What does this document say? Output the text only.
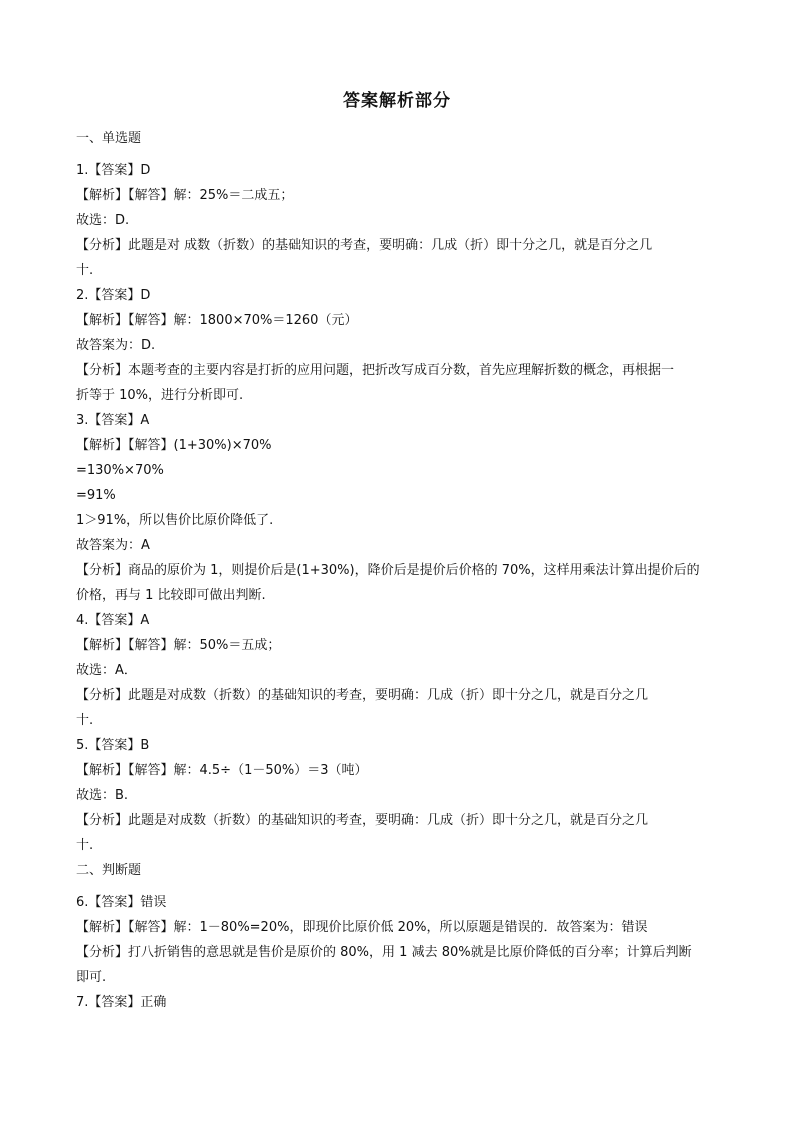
答案解析部分
一、单选题
1.【答案】D
【解析】【解答】解：25%＝二成五；
故选：D.
【分析】此题是对 成数（折数）的基础知识的考查，要明确：几成（折）即十分之几，就是百分之几
十.
2.【答案】D
【解析】【解答】解：1800×70%＝1260（元）
故答案为：D.
【分析】本题考查的主要内容是打折的应用问题，把折改写成百分数，首先应理解折数的概念，再根据一
折等于 10%，进行分析即可.
3.【答案】A
【解析】【解答】(1+30%)×70%
=130%×70%
=91%
1＞91%，所以售价比原价降低了.
故答案为：A
【分析】商品的原价为 1，则提价后是(1+30%)，降价后是提价后价格的 70%，这样用乘法计算出提价后的
价格，再与 1 比较即可做出判断.
4.【答案】A
【解析】【解答】解：50%＝五成；
故选：A．
【分析】此题是对成数（折数）的基础知识的考查，要明确：几成（折）即十分之几，就是百分之几
十.
5.【答案】B
【解析】【解答】解：4.5÷（1－50%）＝3（吨）
故选：B.
【分析】此题是对成数（折数）的基础知识的考查，要明确：几成（折）即十分之几，就是百分之几
十.
二、判断题
6.【答案】错误
【解析】【解答】解：1－80%=20%，即现价比原价低 20%，所以原题是错误的．故答案为：错误
【分析】打八折销售的意思就是售价是原价的 80%，用 1 减去 80%就是比原价降低的百分率；计算后判断
即可.
7.【答案】正确
